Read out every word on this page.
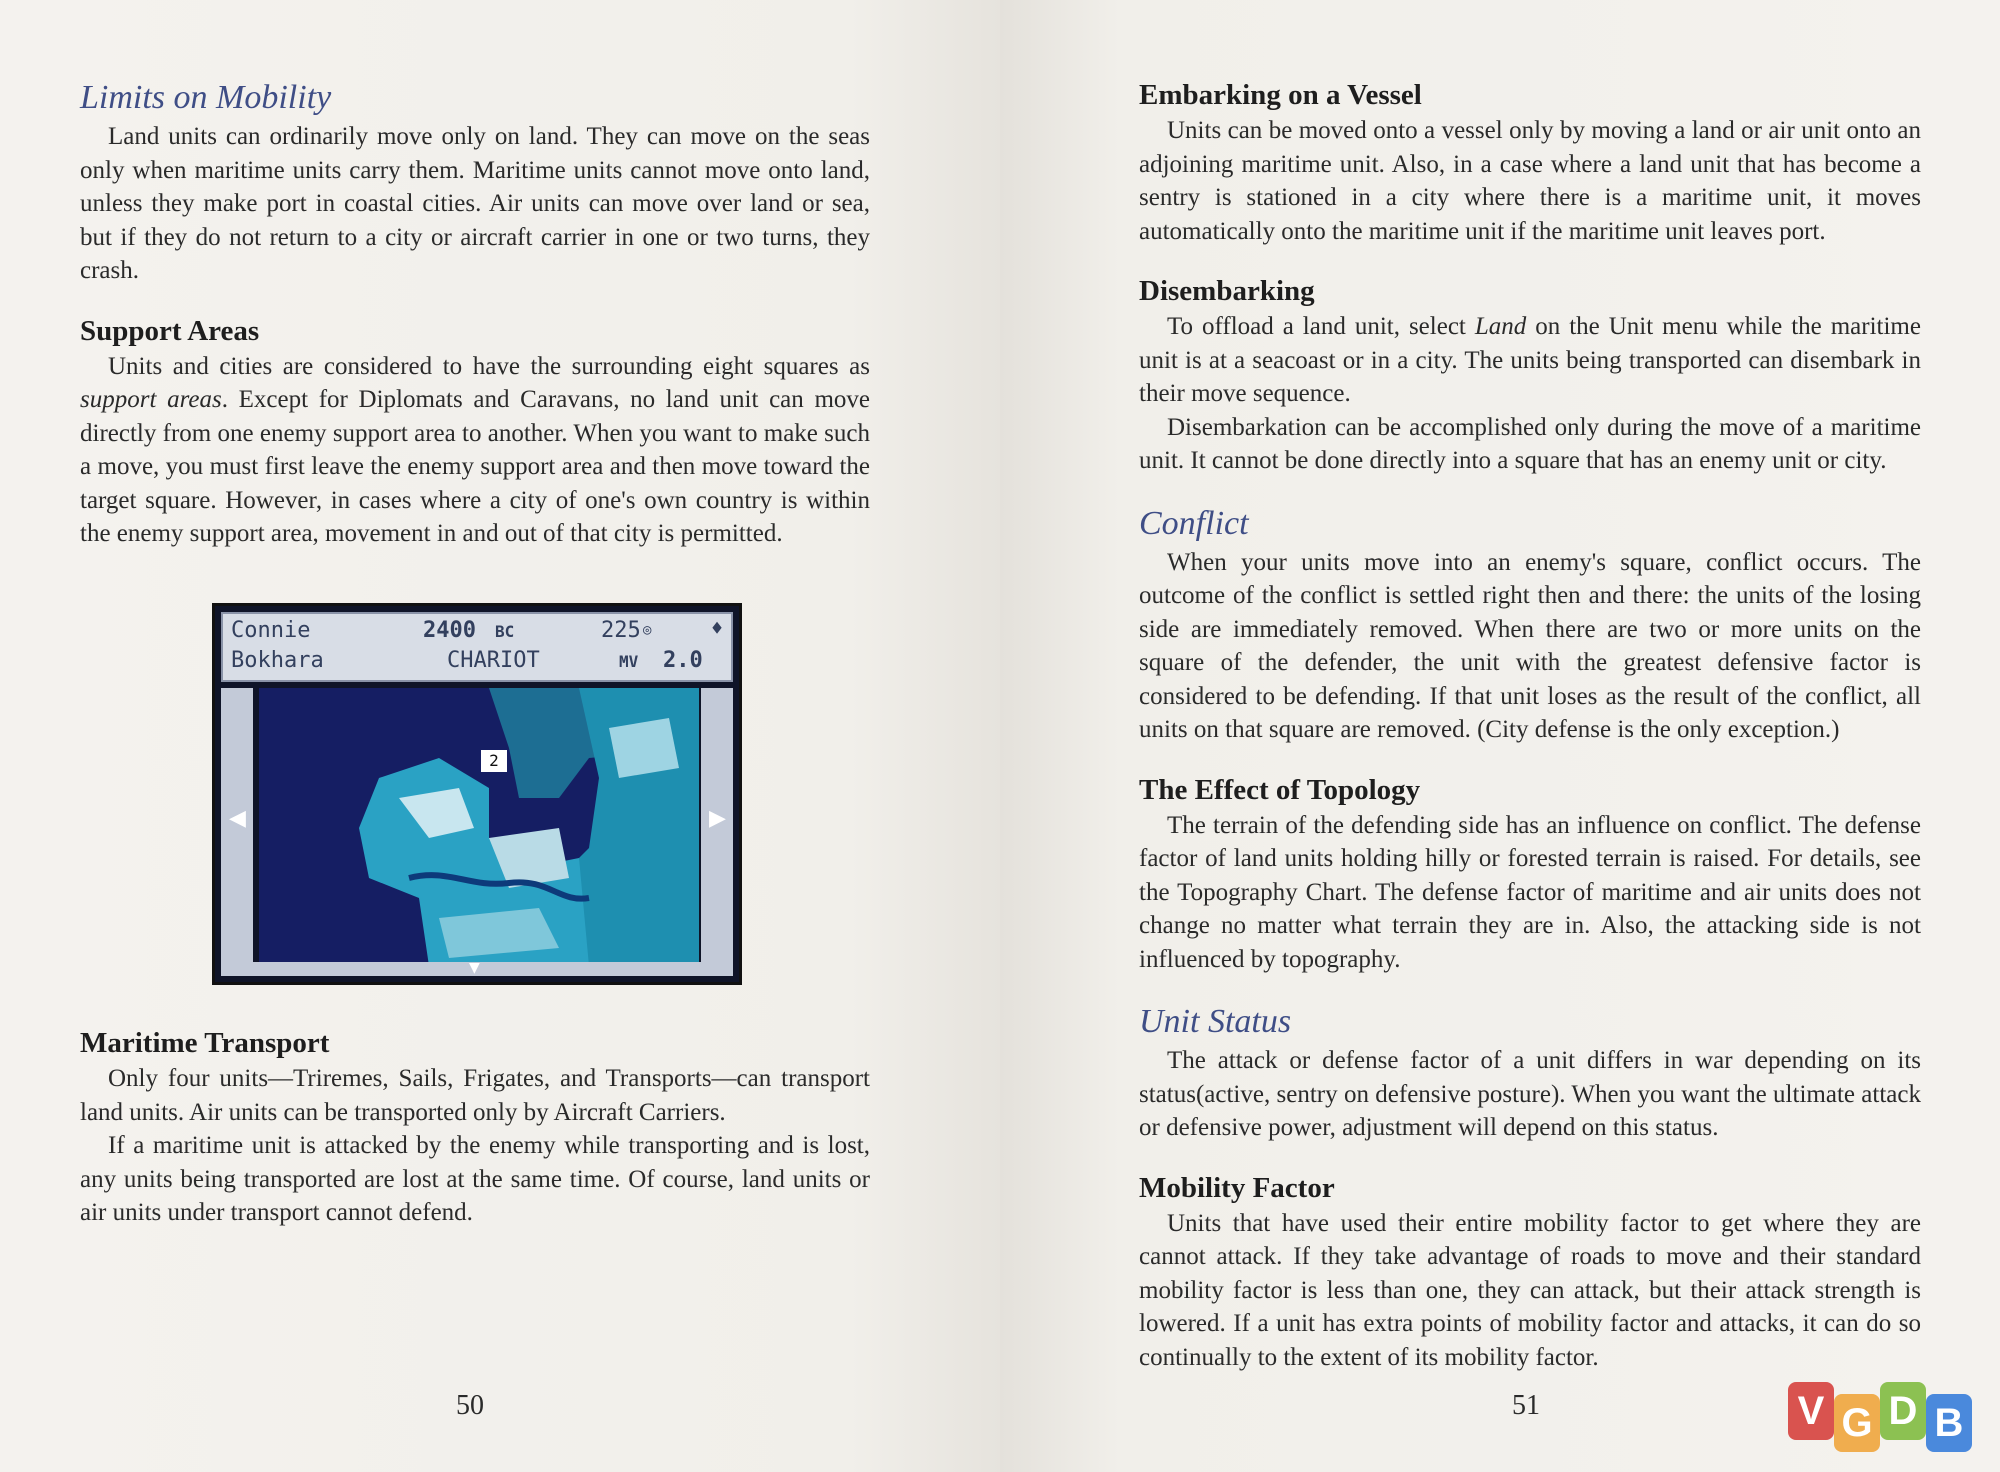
Limits on Mobility

Land units can ordinarily move only on land. They can move on the seas only when maritime units carry them. Maritime units cannot move onto land, unless they make port in coastal cities. Air units can move over land or sea, but if they do not return to a city or aircraft carrier in one or two turns, they crash.

Support Areas

Units and cities are considered to have the surrounding eight squares as support areas. Except for Diplomats and Caravans, no land unit can move directly from one enemy support area to another. When you want to make such a move, you must first leave the enemy support area and then move toward the target square. However, in cases where a city of one's own country is within the enemy support area, movement in and out of that city is permitted.

Connie
Bokhara
2400 BC
CHARIOT
225 ◎	♦
MV 2.0
◀	▶
2
▼
Maritime Transport

Only four units—Triremes, Sails, Frigates, and Transports—can transport land units. Air units can be transported only by Aircraft Carriers.

If a maritime unit is attacked by the enemy while transporting and is lost, any units being transported are lost at the same time. Of course, land units or air units under transport cannot defend.

50
Embarking on a Vessel

Units can be moved onto a vessel only by moving a land or air unit onto an adjoining maritime unit. Also, in a case where a land unit that has become a sentry is stationed in a city where there is a maritime unit, it moves automatically onto the maritime unit if the maritime unit leaves port.

Disembarking

To offload a land unit, select Land on the Unit menu while the maritime unit is at a seacoast or in a city. The units being transported can disembark in their move sequence.

Disembarkation can be accomplished only during the move of a maritime unit. It cannot be done directly into a square that has an enemy unit or city.

Conflict

When your units move into an enemy's square, conflict occurs. The outcome of the conflict is settled right then and there: the units of the losing side are immediately removed. When there are two or more units on the square of the defender, the unit with the greatest defensive factor is considered to be defending. If that unit loses as the result of the conflict, all units on that square are removed. (City defense is the only exception.)

The Effect of Topology

The terrain of the defending side has an influence on conflict. The defense factor of land units holding hilly or forested terrain is raised. For details, see the Topography Chart. The defense factor of maritime and air units does not change no matter what terrain they are in. Also, the attacking side is not influenced by topography.

Unit Status

The attack or defense factor of a unit differs in war depending on its status(active, sentry on defensive posture). When you want the ultimate attack or defensive power, adjustment will depend on this status.

Mobility Factor

Units that have used their entire mobility factor to get where they are cannot attack. If they take advantage of roads to move and their standard mobility factor is less than one, they can attack, but their attack strength is lowered. If a unit has extra points of mobility factor and attacks, it can do so continually to the extent of its mobility factor.

51	V G D B
